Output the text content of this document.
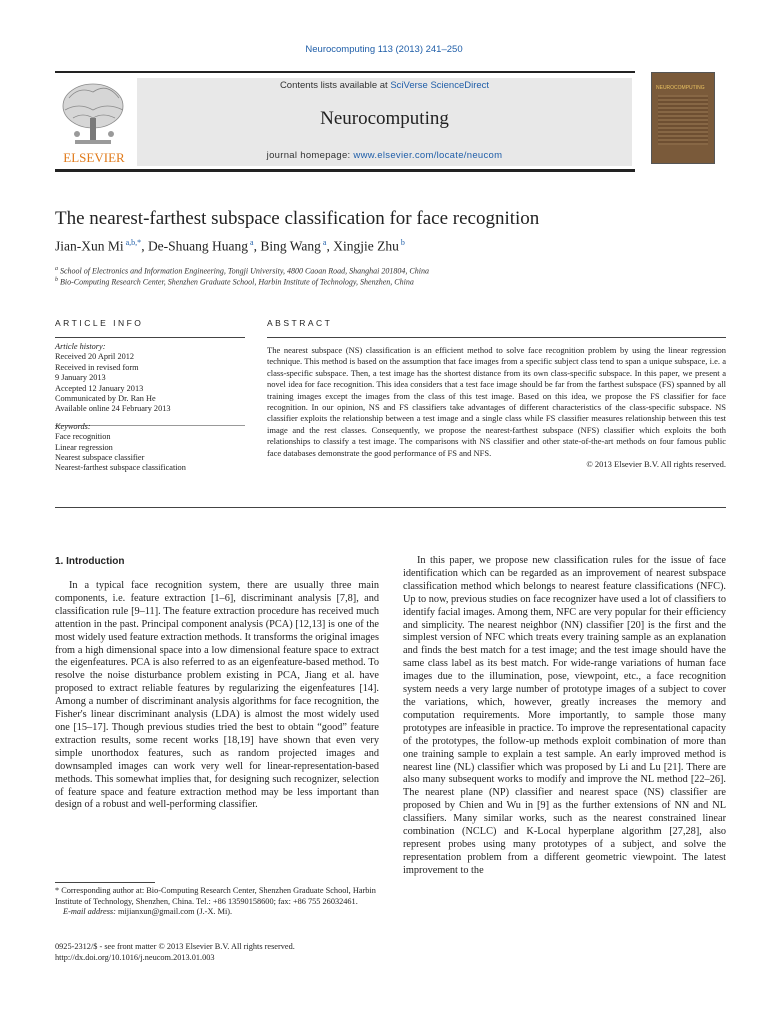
Neurocomputing 113 (2013) 241–250
ELSEVIER
Contents lists available at SciVerse ScienceDirect
Neurocomputing
journal homepage: www.elsevier.com/locate/neucom
NEUROCOMPUTING
The nearest-farthest subspace classification for face recognition
Jian-Xun Mi $^{a,b,*}$, De-Shuang Huang $^a$, Bing Wang $^a$, Xingjie Zhu $^b$
$^a$ School of Electronics and Information Engineering, Tongji University, 4800 Caoan Road, Shanghai 201804, China
$^b$ Bio-Computing Research Center, Shenzhen Graduate School, Harbin Institute of Technology, Shenzhen, China
ARTICLE INFO	ABSTRACT
Article history:
Received 20 April 2012
Received in revised form
9 January 2013
Accepted 12 January 2013
Communicated by Dr. Ran He
Available online 24 February 2013
Keywords:
Face recognition
Linear regression
Nearest subspace classifier
Nearest-farthest subspace classification
The nearest subspace (NS) classification is an efficient method to solve face recognition problem by using the linear regression technique. This method is based on the assumption that face images from a specific subject class tend to span a unique subspace, i.e. a class-specific subspace. Then, a test image has the shortest distance from its own class-specific subspace. In this paper, we present a novel idea for face recognition. This idea considers that a test face image should be far from the farthest subspace (FS) spanned by all training images except the images from the class of this test image. Based on this idea, we propose the FS classifier for face recognition. In our opinion, NS and FS classifiers take advantages of different characteristics of the class-specific subspace. NS classifier exploits the relationship between a test image and a single class while FS classifier measures relationship between this test image and the rest classes. Consequently, we propose the nearest-farthest subspace (NFS) classifier which exploits the both relationships to classify a test image. The comparisons with NS classifier and other state-of-the-art methods on four famous public face databases demonstrate the good performance of FS and NFS.
© 2013 Elsevier B.V. All rights reserved.
1. Introduction

In a typical face recognition system, there are usually three main components, i.e. feature extraction [1–6], discriminant analysis [7,8], and classification rule [9–11]. The feature extraction procedure has received much attention in the past. Principal component analysis (PCA) [12,13] is one of the most widely used feature extraction methods. It transforms the original images from a high dimensional space into a low dimensional feature space to extract the eigenfeatures. PCA is also referred to as an eigenfeature-based method. To resolve the noise disturbance problem existing in PCA, Jiang et al. have proposed to extract reliable features by regularizing the eigenfeatures [14]. Among a number of discriminant analysis algorithms for face recognition, the Fisher's linear discriminant analysis (LDA) is almost the most widely used one [15–17]. Though previous studies tried the best to obtain “good” feature extraction results, some recent works [18,19] have shown that even very simple unorthodox features, such as random projected images and downsampled images can work very well for linear-representation-based methods. This somewhat implies that, for designing such recognizer, selection of feature space and feature extraction method may be less important than design of a robust and well-performing classifier.

In this paper, we propose new classification rules for the issue of face identification which can be regarded as an improvement of nearest subspace classification method which belongs to nearest feature classifications (NFC). Up to now, previous studies on face recognizer have used a lot of classifiers to identify facial images. Among them, NFC are very popular for their efficiency and simplicity. The nearest neighbor (NN) classifier [20] is the first and the simplest version of NFC which treats every training sample as an explanation and finds the best match for a test image; and the test image should have the same class label as its best match. For wide-range variations of human face images due to the illumination, pose, viewpoint, etc., a face recognition system needs a very large number of prototype images of a subject to cover the variations, which, however, greatly increases the memory and computation requirements. More importantly, to sample those many prototypes are infeasible in practice. To improve the representational capacity of the prototypes, the follow-up methods exploit combination of more than one training sample to explain a test sample. An early improved method is nearest line (NL) classifier which was proposed by Li and Lu [21]. There are also many subsequent works to modify and improve the NL method [22–26]. The nearest plane (NP) classifier and nearest space (NS) classifier are proposed by Chien and Wu in [9] as the further extensions of NN and NL classifiers. Many similar works, such as the nearest constrained linear combination (NCLC) and K-Local hyperplane algorithm [27,28], also represent probes using many prototypes of a subject, and solve the representation problem from a different geometric viewpoint. The latest improvement to the

* Corresponding author at: Bio-Computing Research Center, Shenzhen Graduate School, Harbin Institute of Technology, Shenzhen, China. Tel.: +86 13590158600; fax: +86 755 26032461.

E-mail address: mijianxun@gmail.com (J.-X. Mi).

0925-2312/$ - see front matter © 2013 Elsevier B.V. All rights reserved.

http://dx.doi.org/10.1016/j.neucom.2013.01.003
